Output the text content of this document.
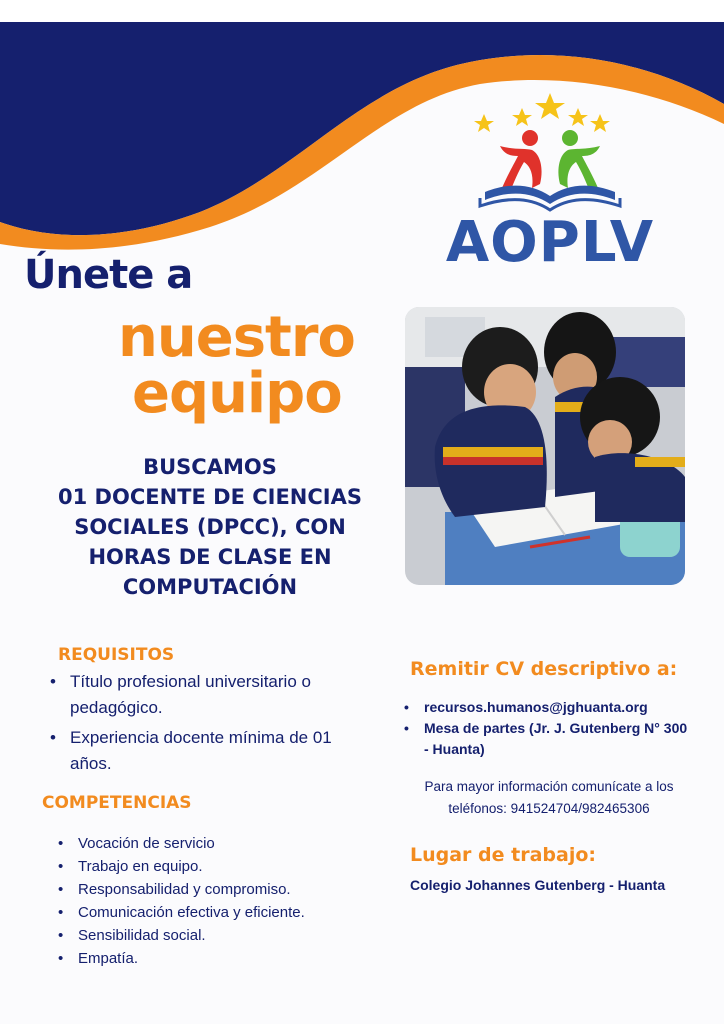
AOPLV
Únete a
nuestro
equipo
BUSCAMOS
01 DOCENTE DE CIENCIAS
SOCIALES (DPCC), CON
HORAS DE CLASE EN
COMPUTACIÓN
REQUISITOS
• Título profesional universitario o pedagógico.
• Experiencia docente mínima de 01 años.
COMPETENCIAS
• Vocación de servicio
• Trabajo en equipo.
• Responsabilidad y compromiso.
• Comunicación efectiva y eficiente.
• Sensibilidad social.
• Empatía.
Remitir CV descriptivo a:
• recursos.humanos@jghuanta.org
• Mesa de partes (Jr. J. Gutenberg N° 300 - Huanta)
Para mayor información comunícate a los
teléfonos: 941524704/982465306
Lugar de trabajo:
Colegio Johannes Gutenberg - Huanta
